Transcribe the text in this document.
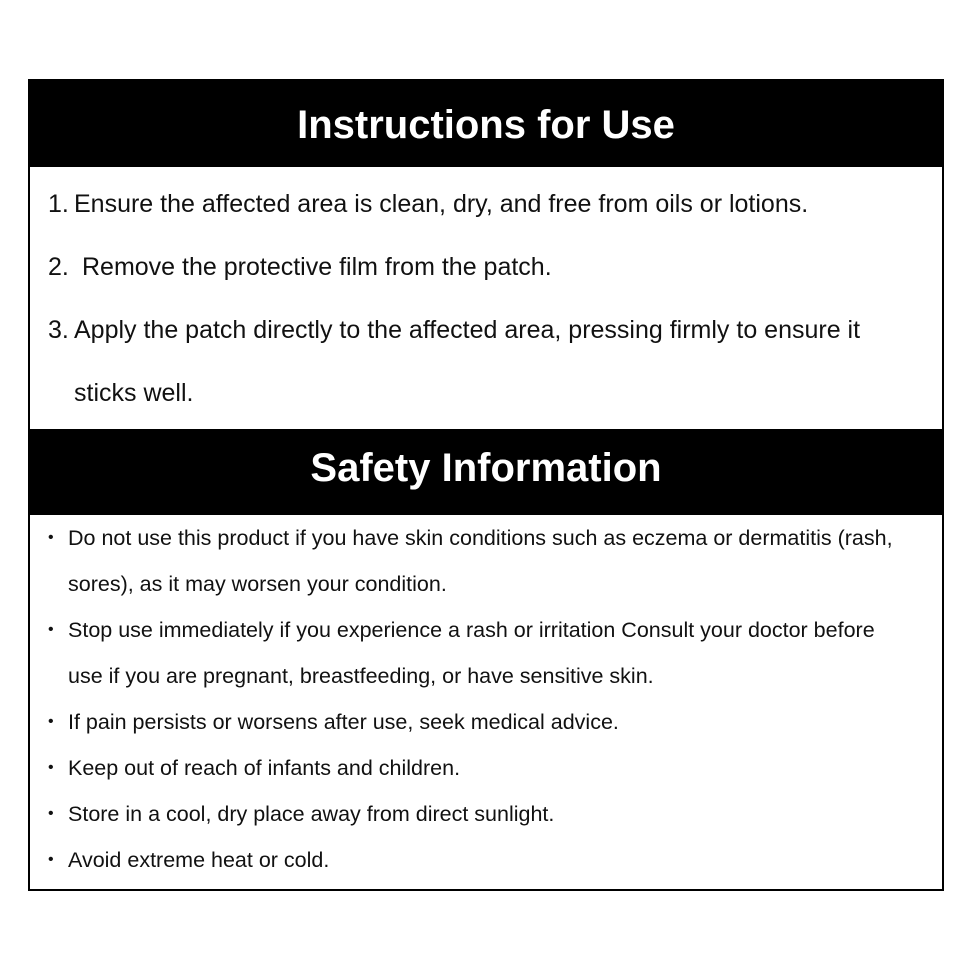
Instructions for Use
1. Ensure the affected area is clean, dry, and free from oils or lotions.
2. Remove the protective film from the patch.
3. Apply the patch directly to the affected area, pressing firmly to ensure it sticks well.
Safety Information
• Do not use this product if you have skin conditions such as eczema or dermatitis (rash, sores), as it may worsen your condition.
• Stop use immediately if you experience a rash or irritation Consult your doctor before use if you are pregnant, breastfeeding, or have sensitive skin.
• If pain persists or worsens after use, seek medical advice.
• Keep out of reach of infants and children.
• Store in a cool, dry place away from direct sunlight.
• Avoid extreme heat or cold.
